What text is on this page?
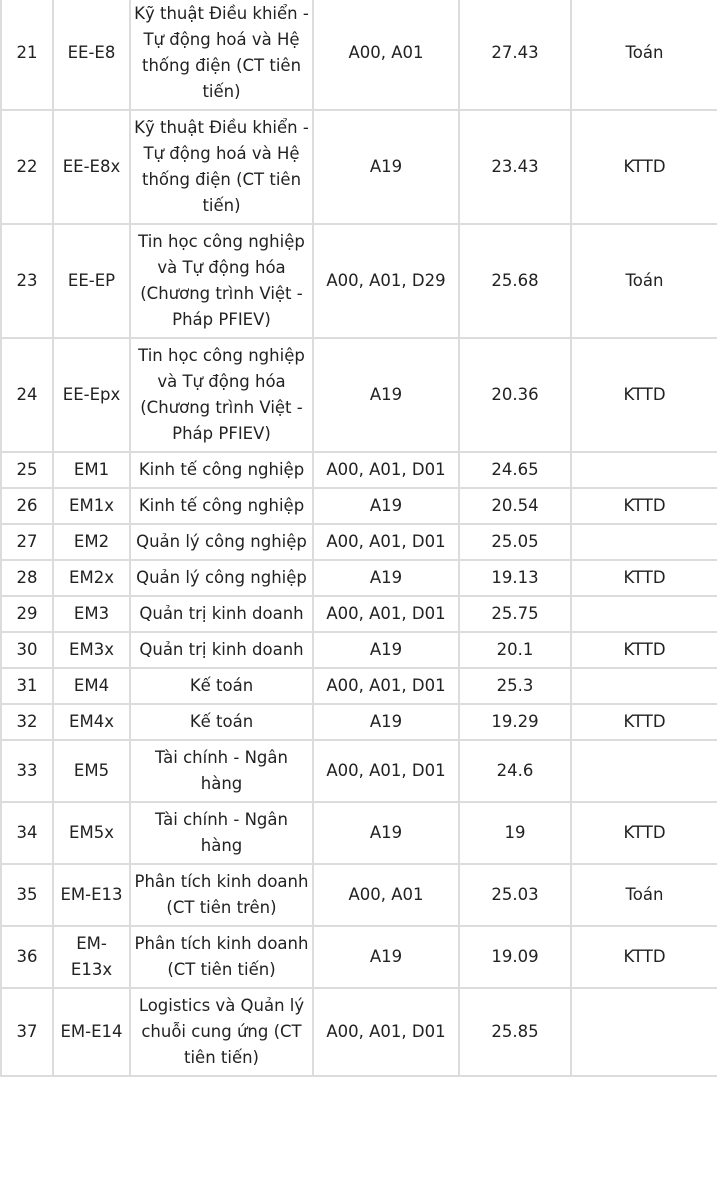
21	EE-E8	Kỹ thuật Điều khiển - Tự động hoá và Hệ thống điện (CT tiên tiến)	A00, A01	27.43	Toán
22	EE-E8x	Kỹ thuật Điều khiển - Tự động hoá và Hệ thống điện (CT tiên tiến)	A19	23.43	KTTD
23	EE-EP	Tin học công nghiệp và Tự động hóa (Chương trình Việt - Pháp PFIEV)	A00, A01, D29	25.68	Toán
24	EE-Epx	Tin học công nghiệp và Tự động hóa (Chương trình Việt - Pháp PFIEV)	A19	20.36	KTTD
25	EM1	Kinh tế công nghiệp	A00, A01, D01	24.65	
26	EM1x	Kinh tế công nghiệp	A19	20.54	KTTD
27	EM2	Quản lý công nghiệp	A00, A01, D01	25.05	
28	EM2x	Quản lý công nghiệp	A19	19.13	KTTD
29	EM3	Quản trị kinh doanh	A00, A01, D01	25.75	
30	EM3x	Quản trị kinh doanh	A19	20.1	KTTD
31	EM4	Kế toán	A00, A01, D01	25.3	
32	EM4x	Kế toán	A19	19.29	KTTD
33	EM5	Tài chính - Ngân hàng	A00, A01, D01	24.6	
34	EM5x	Tài chính - Ngân hàng	A19	19	KTTD
35	EM-E13	Phân tích kinh doanh (CT tiên trên)	A00, A01	25.03	Toán
36	EM-E13x	Phân tích kinh doanh (CT tiên tiến)	A19	19.09	KTTD
37	EM-E14	Logistics và Quản lý chuỗi cung ứng (CT tiên tiến)	A00, A01, D01	25.85	
